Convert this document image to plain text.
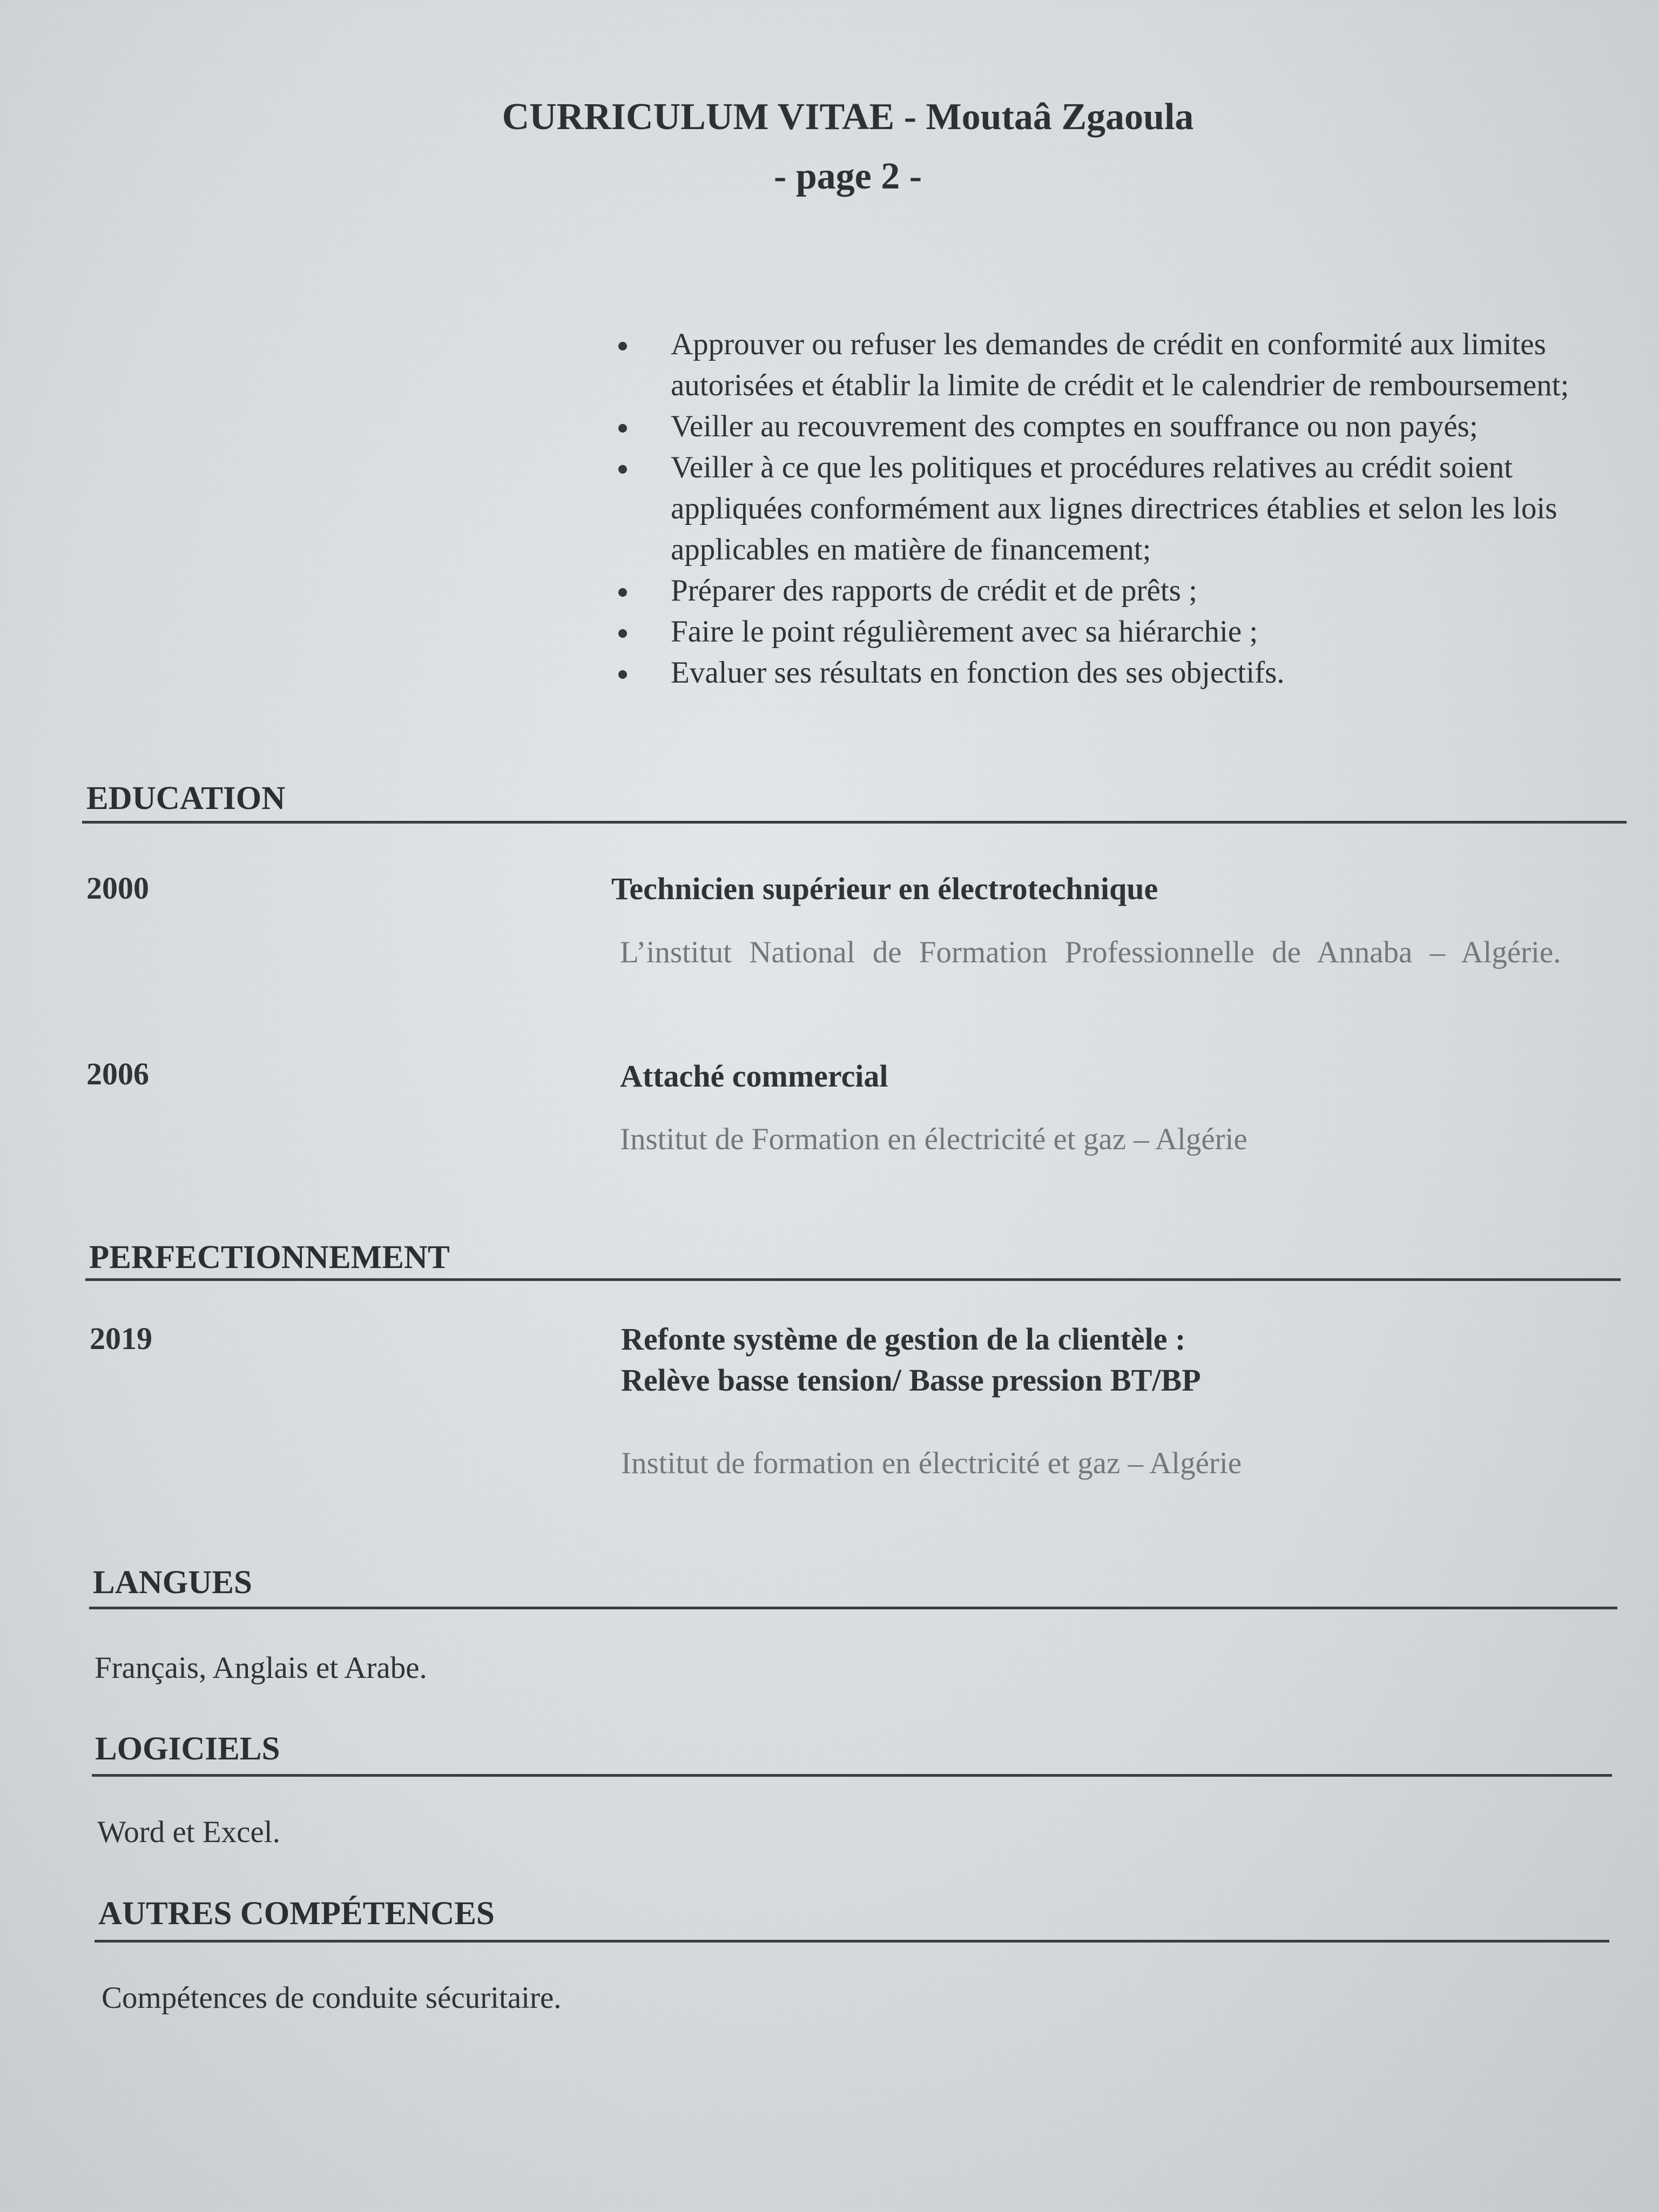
CURRICULUM VITAE - Moutaâ Zgaoula
- page 2 -
Approuver ou refuser les demandes de crédit en conformité aux limites autorisées et établir la limite de crédit et le calendrier de remboursement;
Veiller au recouvrement des comptes en souffrance ou non payés;
Veiller à ce que les politiques et procédures relatives au crédit soient appliquées conformément aux lignes directrices établies et selon les lois applicables en matière de financement;
Préparer des rapports de crédit et de prêts ;
Faire le point régulièrement avec sa hiérarchie ;
Evaluer ses résultats en fonction des ses objectifs.
EDUCATION
2000	Technicien supérieur en électrotechnique
L’institut National de Formation Professionnelle de Annaba – Algérie.
2006	Attaché commercial
Institut de Formation en électricité et gaz – Algérie
PERFECTIONNEMENT
2019	Refonte système de gestion de la clientèle :
Relève basse tension/ Basse pression BT/BP
Institut de formation en électricité et gaz – Algérie
LANGUES
Français, Anglais et Arabe.
LOGICIELS
Word et Excel.
AUTRES COMPÉTENCES
Compétences de conduite sécuritaire.
